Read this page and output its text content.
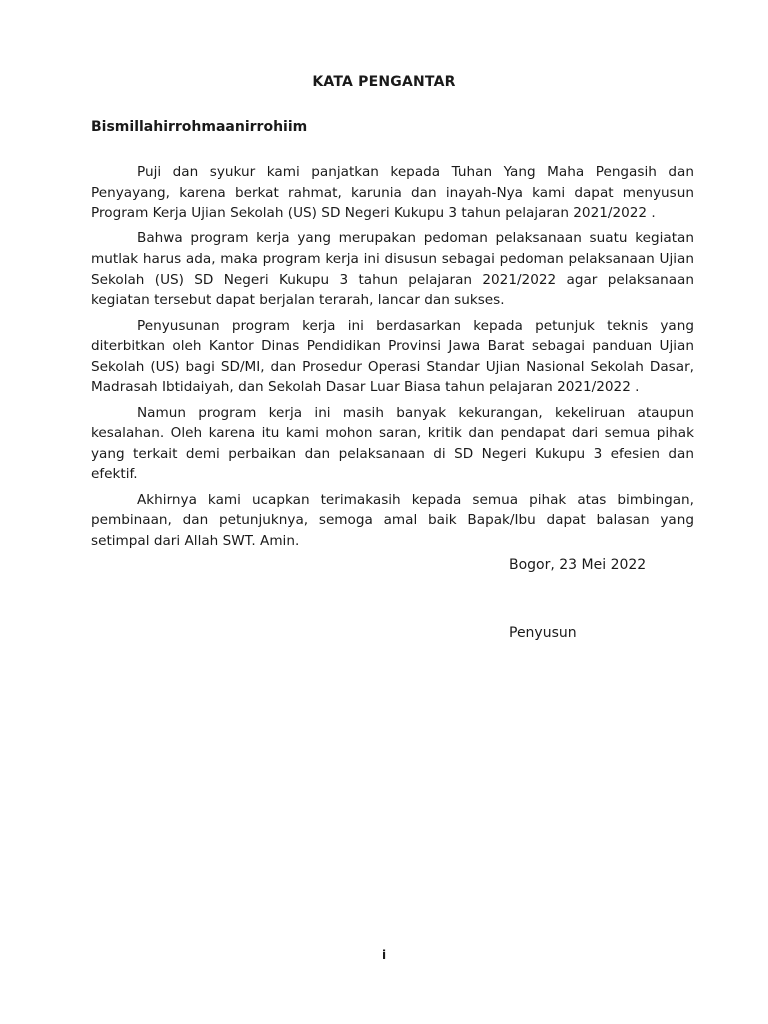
KATA PENGANTAR
Bismillahirrohmaanirrohiim

Puji dan syukur kami panjatkan kepada Tuhan Yang Maha Pengasih dan Penyayang, karena berkat rahmat, karunia dan inayah-Nya kami dapat menyusun Program Kerja Ujian Sekolah (US) SD Negeri Kukupu 3 tahun pelajaran 2021/2022 .

Bahwa program kerja yang merupakan pedoman pelaksanaan suatu kegiatan mutlak harus ada, maka program kerja ini disusun sebagai pedoman pelaksanaan Ujian Sekolah (US) SD Negeri Kukupu 3 tahun pelajaran 2021/2022 agar pelaksanaan kegiatan tersebut dapat berjalan terarah, lancar dan sukses.

Penyusunan program kerja ini berdasarkan kepada petunjuk teknis yang diterbitkan oleh Kantor Dinas Pendidikan Provinsi Jawa Barat sebagai panduan Ujian Sekolah (US) bagi SD/MI, dan Prosedur Operasi Standar Ujian Nasional Sekolah Dasar, Madrasah Ibtidaiyah, dan Sekolah Dasar Luar Biasa tahun pelajaran 2021/2022 .

Namun program kerja ini masih banyak kekurangan, kekeliruan ataupun kesalahan. Oleh karena itu kami mohon saran, kritik dan pendapat dari semua pihak yang terkait demi perbaikan dan pelaksanaan di SD Negeri Kukupu 3 efesien dan efektif.

Akhirnya kami ucapkan terimakasih kepada semua pihak atas bimbingan, pembinaan, dan petunjuknya, semoga amal baik Bapak/Ibu dapat balasan yang setimpal dari Allah SWT. Amin.

Bogor, 23 Mei 2022
Penyusun
i
